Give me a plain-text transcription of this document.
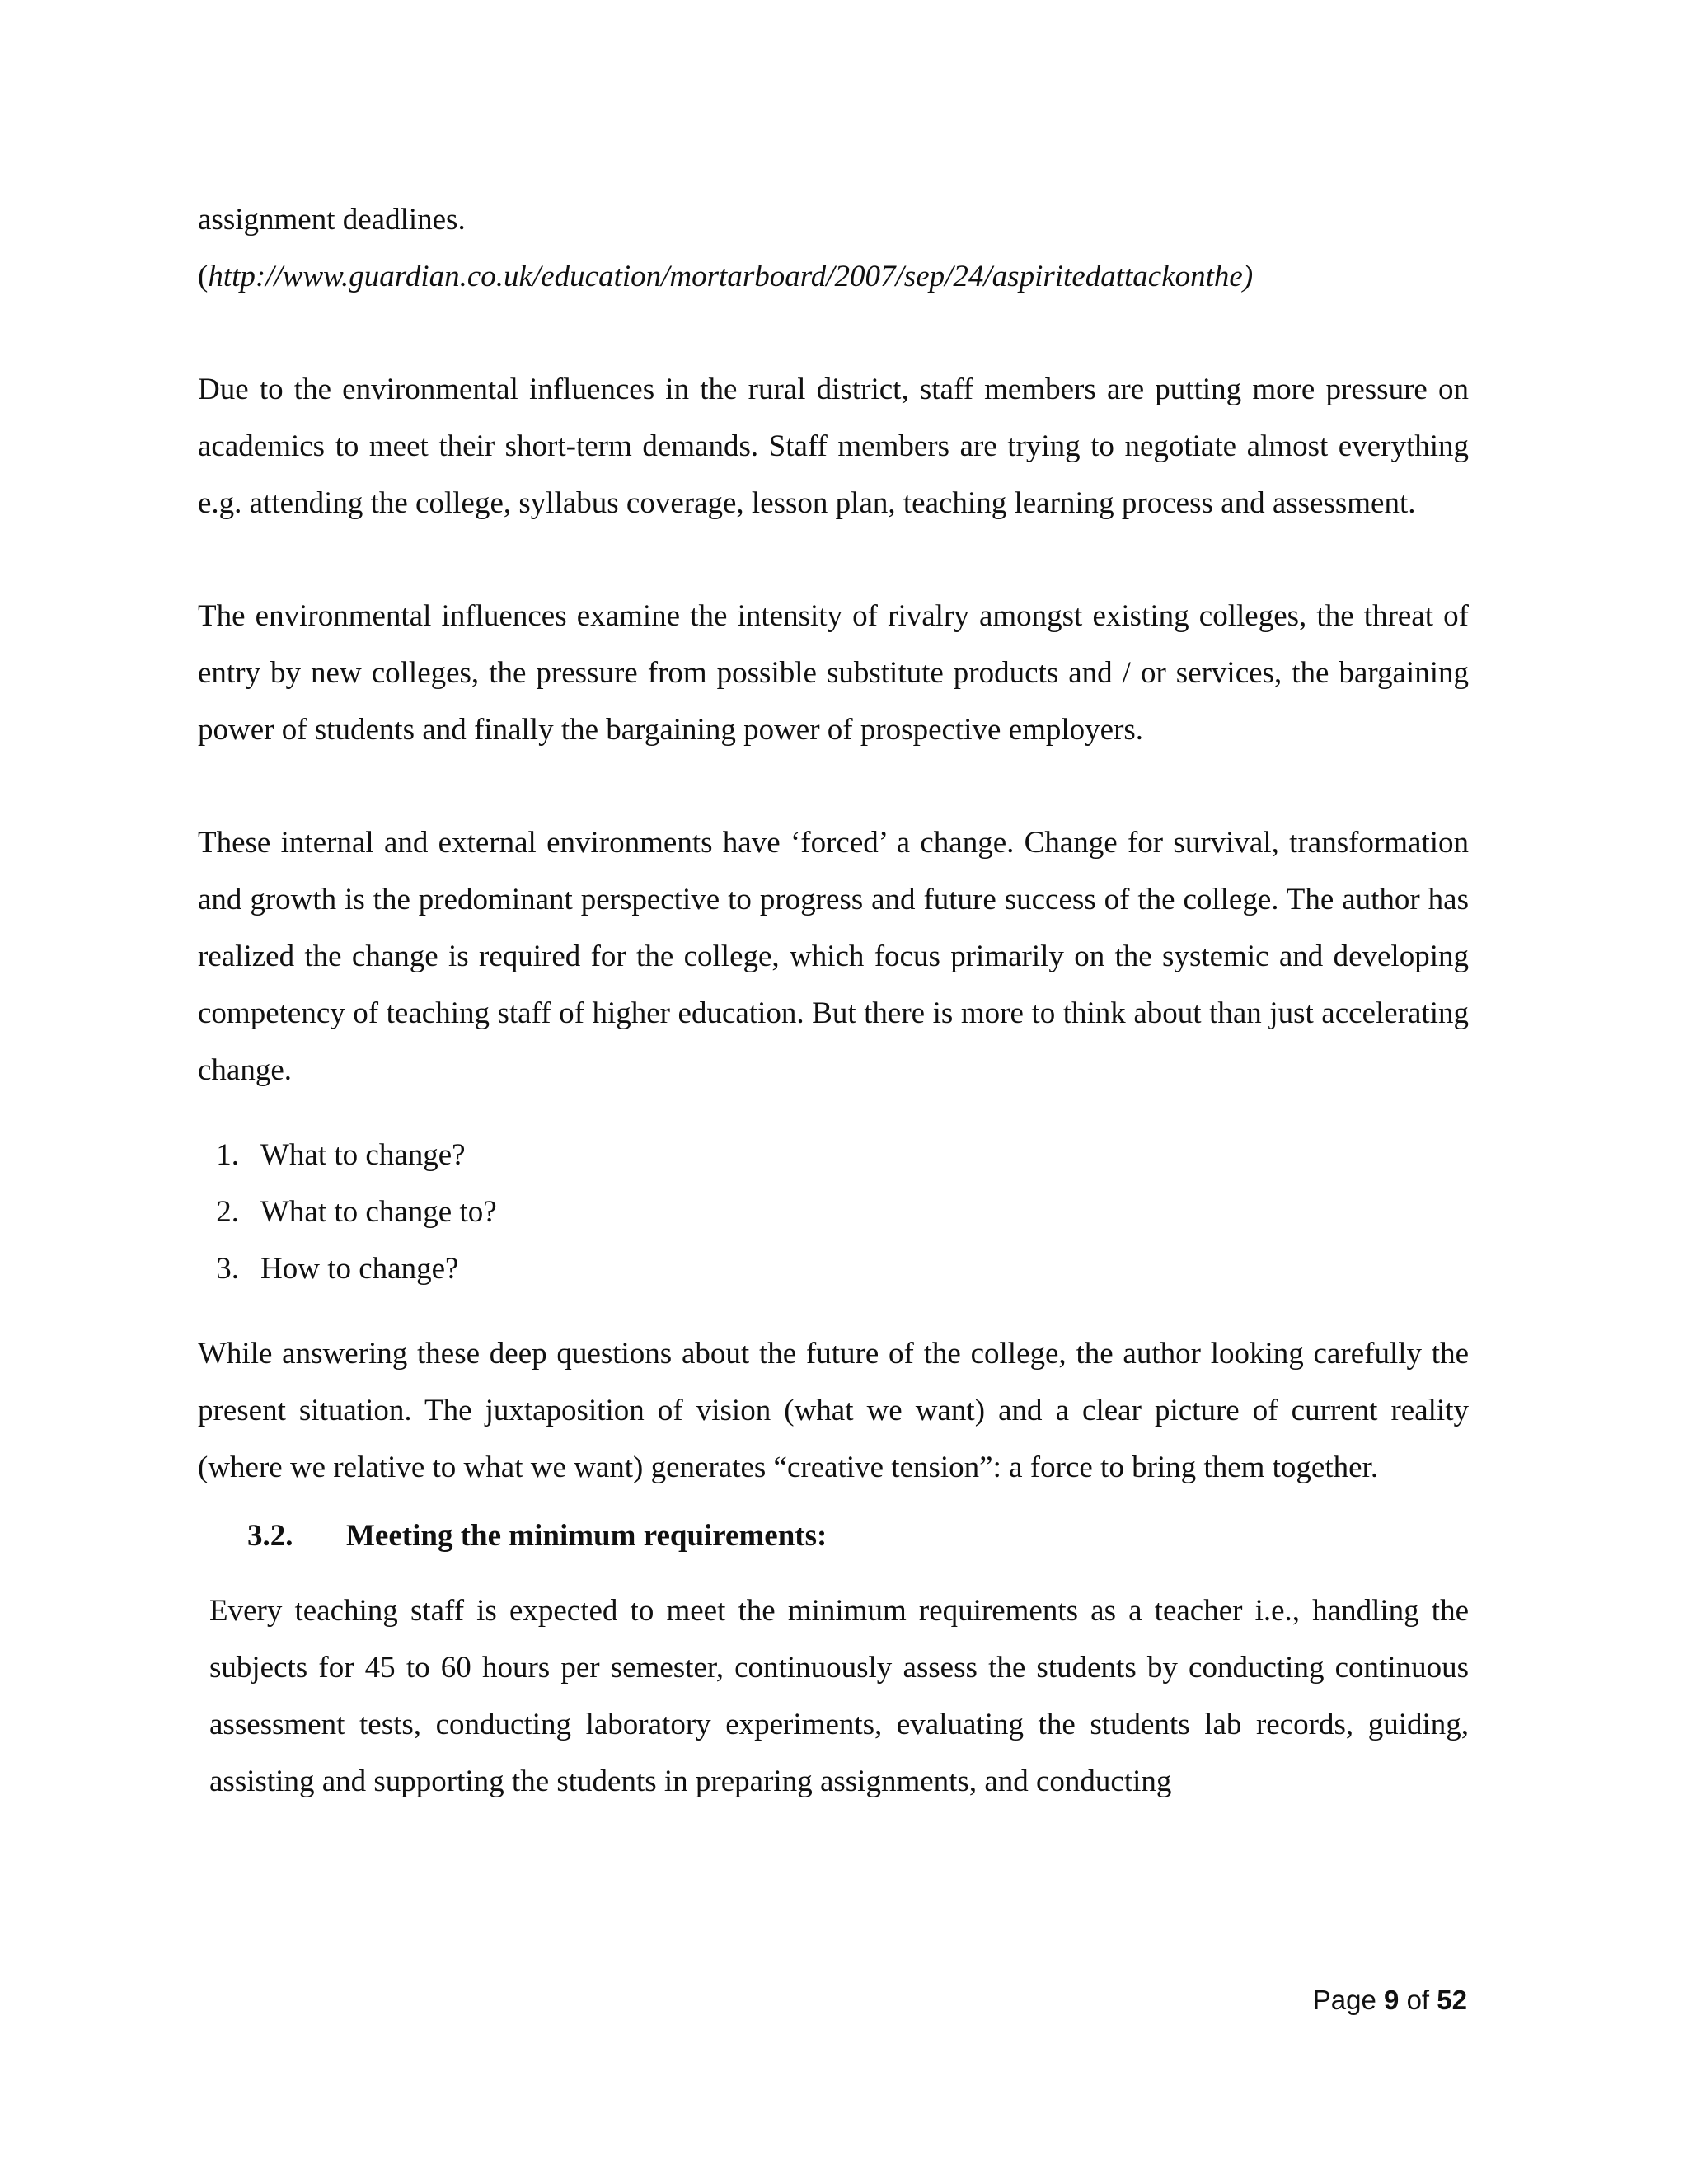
assignment deadlines.

(http://www.guardian.co.uk/education/mortarboard/2007/sep/24/aspiritedattackonthe)

Due to the environmental influences in the rural district, staff members are putting more pressure on academics to meet their short-term demands. Staff members are trying to negotiate almost everything e.g. attending the college, syllabus coverage, lesson plan, teaching learning process and assessment.

The environmental influences examine the intensity of rivalry amongst existing colleges, the threat of entry by new colleges, the pressure from possible substitute products and / or services, the bargaining power of students and finally the bargaining power of prospective employers.

These internal and external environments have ‘forced’ a change. Change for survival, transformation and growth is the predominant perspective to progress and future success of the college. The author has realized the change is required for the college, which focus primarily on the systemic and developing competency of teaching staff of higher education. But there is more to think about than just accelerating change.

1. What to change?
2. What to change to?
3. How to change?

While answering these deep questions about the future of the college, the author looking carefully the present situation. The juxtaposition of vision (what we want) and a clear picture of current reality (where we relative to what we want) generates “creative tension”: a force to bring them together.

3.2.	Meeting the minimum requirements:

Every teaching staff is expected to meet the minimum requirements as a teacher i.e., handling the subjects for 45 to 60 hours per semester, continuously assess the students by conducting continuous assessment tests, conducting laboratory experiments, evaluating the students lab records, guiding, assisting and supporting the students in preparing assignments, and conducting

Page 9 of 52
